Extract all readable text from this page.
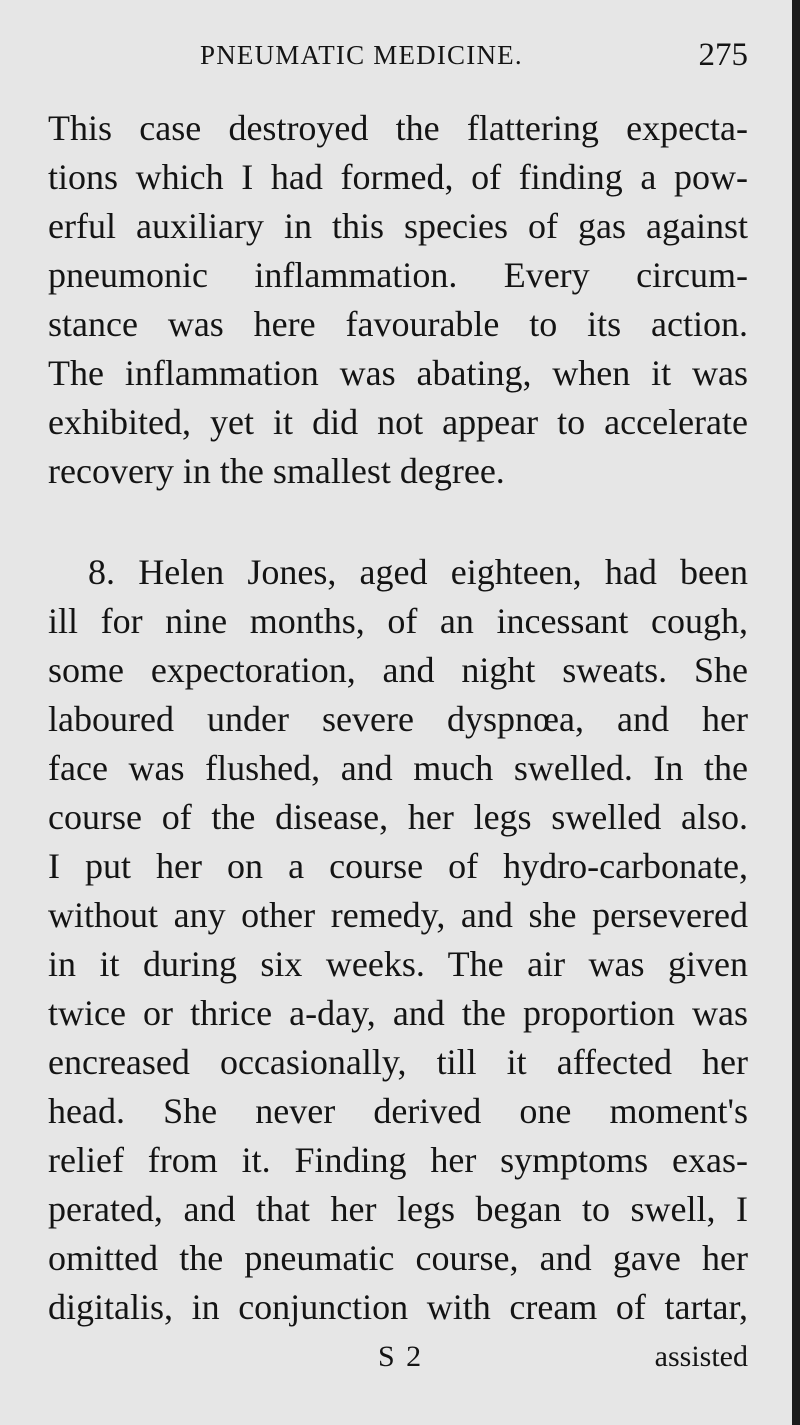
PNEUMATIC MEDICINE.	275
This case destroyed the flattering expecta-
tions which I had formed, of finding a pow-
erful auxiliary in this species of gas against
pneumonic inflammation. Every circum-
stance was here favourable to its action.
The inflammation was abating, when it was
exhibited, yet it did not appear to accelerate
recovery in the smallest degree.
8. Helen Jones, aged eighteen, had been
ill for nine months, of an incessant cough,
some expectoration, and night sweats. She
laboured under severe dyspnœa, and her
face was flushed, and much swelled. In the
course of the disease, her legs swelled also.
I put her on a course of hydro-carbonate,
without any other remedy, and she persevered
in it during six weeks. The air was given
twice or thrice a-day, and the proportion was
encreased occasionally, till it affected her
head. She never derived one moment's
relief from it. Finding her symptoms exas-
perated, and that her legs began to swell, I
omitted the pneumatic course, and gave her
digitalis, in conjunction with cream of tartar,
S 2	assisted
